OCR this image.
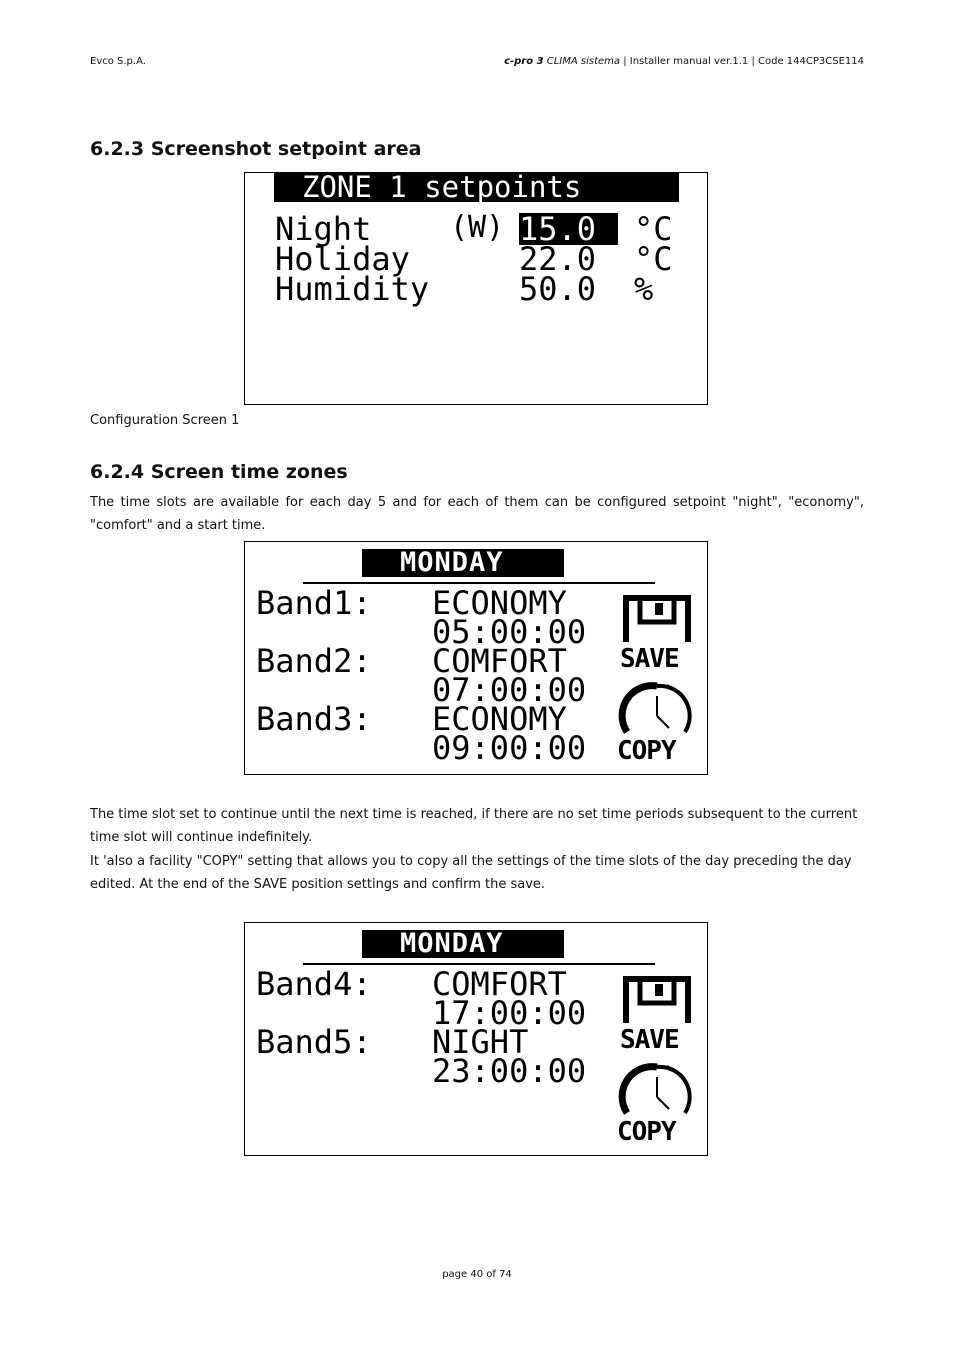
Evco S.p.A.	c-pro 3 CLIMA sistema | Installer manual ver.1.1 | Code 144CP3CSE114
6.2.3 Screenshot setpoint area
ZONE 1 setpoints
Night	(W) 15.0	°C
Holiday	22.0 °C
Humidity	50.0 %
Configuration Screen 1
6.2.4 Screen time zones

The time slots are available for each day 5 and for each of them can be configured setpoint "night", "economy", "comfort" and a start time.

MONDAY
Band1: ECONOMY
05:00:00
Band2: COMFORT
07:00:00
Band3: ECONOMY
09:00:00
SAVE
COPY

The time slot set to continue until the next time is reached, if there are no set time periods subsequent to the current time slot will continue indefinitely.

It 'also a facility "COPY" setting that allows you to copy all the settings of the time slots of the day preceding the day edited. At the end of the SAVE position settings and confirm the save.

MONDAY
Band4: COMFORT
17:00:00
Band5: NIGHT
23:00:00
SAVE
COPY
page 40 of 74
